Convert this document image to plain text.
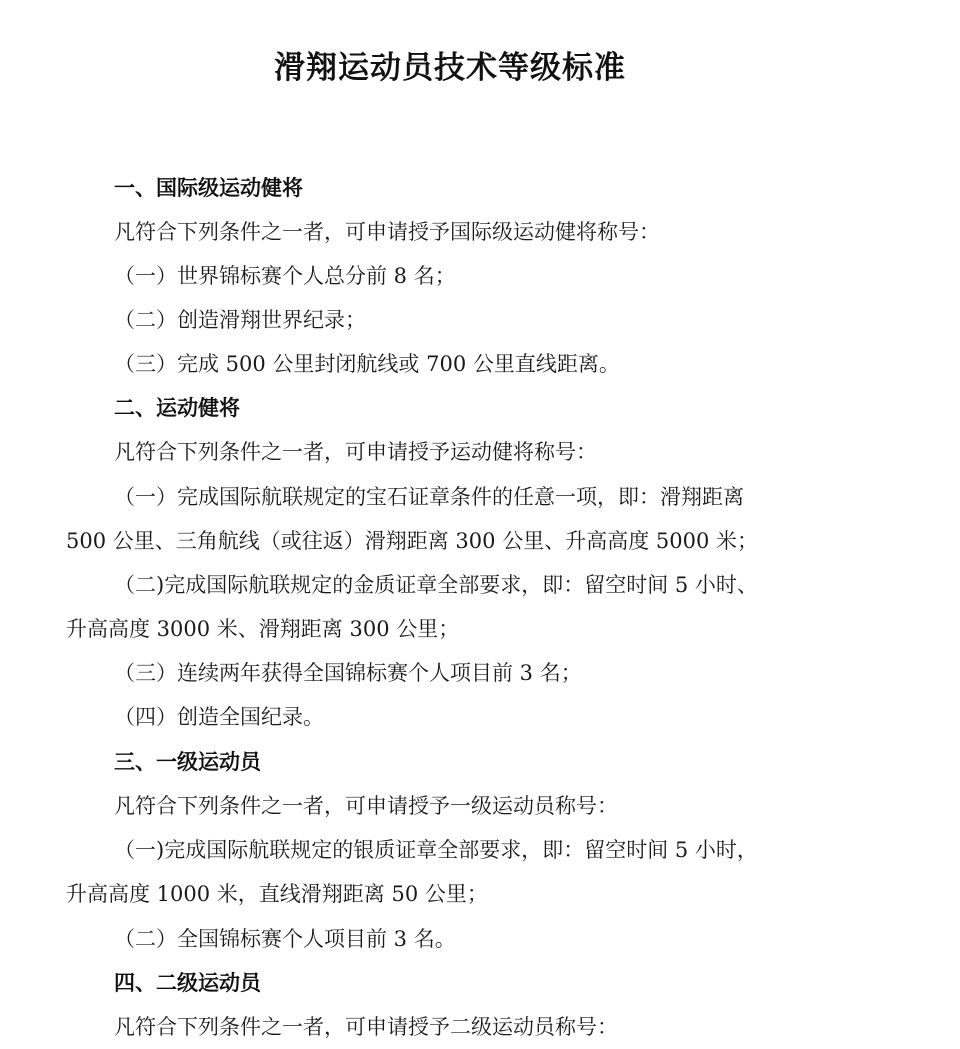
滑翔运动员技术等级标准
一、国际级运动健将
凡符合下列条件之一者，可申请授予国际级运动健将称号：
（一）世界锦标赛个人总分前 8 名；
（二）创造滑翔世界纪录；
（三）完成 500 公里封闭航线或 700 公里直线距离。
二、运动健将
凡符合下列条件之一者，可申请授予运动健将称号：
（一）完成国际航联规定的宝石证章条件的任意一项，即：滑翔距离
500 公里、三角航线（或往返）滑翔距离 300 公里、升高高度 5000 米；
（二)完成国际航联规定的金质证章全部要求，即：留空时间 5 小时、
升高高度 3000 米、滑翔距离 300 公里；
（三）连续两年获得全国锦标赛个人项目前 3 名；
（四）创造全国纪录。
三、一级运动员
凡符合下列条件之一者，可申请授予一级运动员称号：
（一)完成国际航联规定的银质证章全部要求，即：留空时间 5 小时，
升高高度 1000 米，直线滑翔距离 50 公里；
（二）全国锦标赛个人项目前 3 名。
四、二级运动员
凡符合下列条件之一者，可申请授予二级运动员称号：
